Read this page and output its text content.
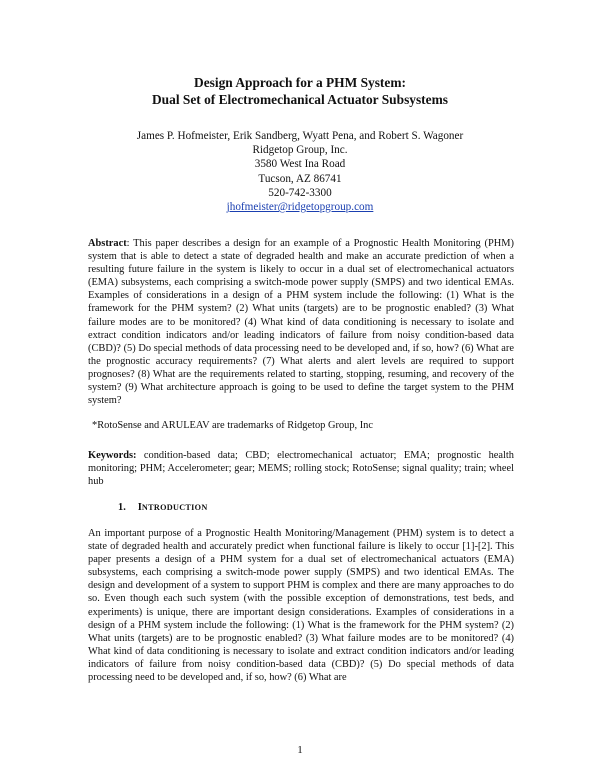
Design Approach for a PHM System:
Dual Set of Electromechanical Actuator Subsystems
James P. Hofmeister, Erik Sandberg, Wyatt Pena, and Robert S. Wagoner
Ridgetop Group, Inc.
3580 West Ina Road
Tucson, AZ 86741
520-742-3300
jhofmeister@ridgetopgroup.com
Abstract: This paper describes a design for an example of a Prognostic Health Monitoring (PHM) system that is able to detect a state of degraded health and make an accurate prediction of when a resulting future failure in the system is likely to occur in a dual set of electromechanical actuators (EMA) subsystems, each comprising a switch-mode power supply (SMPS) and two identical EMAs. Examples of considerations in a design of a PHM system include the following: (1) What is the framework for the PHM system? (2) What units (targets) are to be prognostic enabled? (3) What failure modes are to be monitored? (4) What kind of data conditioning is necessary to isolate and extract condition indicators and/or leading indicators of failure from noisy condition-based data (CBD)? (5) Do special methods of data processing need to be developed and, if so, how? (6) What are the prognostic accuracy requirements? (7) What alerts and alert levels are required to support prognoses? (8) What are the requirements related to starting, stopping, resuming, and recovery of the system? (9) What architecture approach is going to be used to define the target system to the PHM system?
*RotoSense and ARULEAV are trademarks of Ridgetop Group, Inc
Keywords: condition-based data; CBD; electromechanical actuator; EMA; prognostic health monitoring; PHM; Accelerometer; gear; MEMS; rolling stock; RotoSense; signal quality; train; wheel hub
1. INTRODUCTION
An important purpose of a Prognostic Health Monitoring/Management (PHM) system is to detect a state of degraded health and accurately predict when functional failure is likely to occur [1]-[2]. This paper presents a design of a PHM system for a dual set of electromechanical actuators (EMA) subsystems, each comprising a switch-mode power supply (SMPS) and two identical EMAs. The design and development of a system to support PHM is complex and there are many approaches to do so. Even though each such system (with the possible exception of demonstrations, test beds, and experiments) is unique, there are important design considerations. Examples of considerations in a design of a PHM system include the following: (1) What is the framework for the PHM system? (2) What units (targets) are to be prognostic enabled? (3) What failure modes are to be monitored? (4) What kind of data conditioning is necessary to isolate and extract condition indicators and/or leading indicators of failure from noisy condition-based data (CBD)? (5) Do special methods of data processing need to be developed and, if so, how? (6) What are
1
